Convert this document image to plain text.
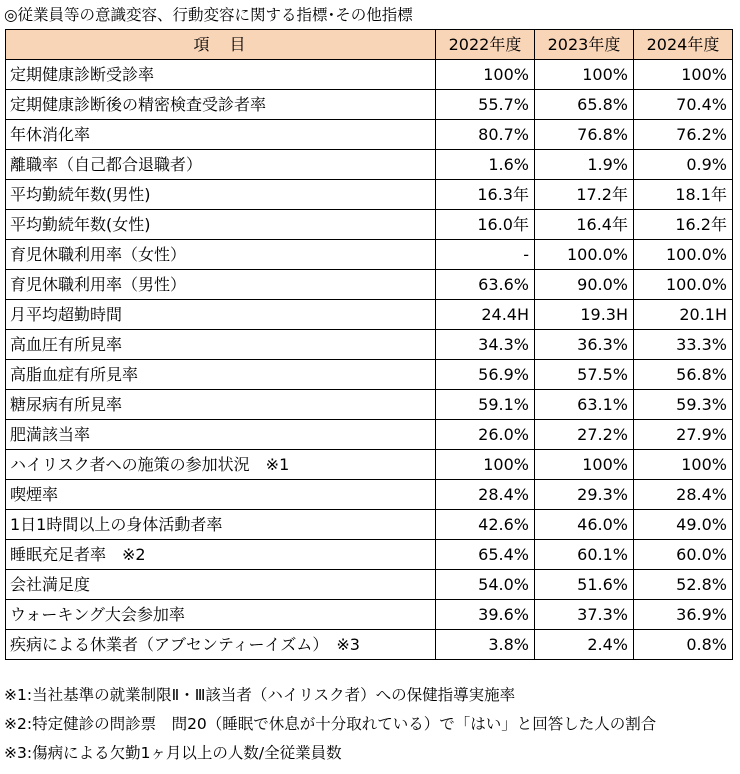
◎従業員等の意識変容、行動変容に関する指標･その他指標
項　目	2022年度	2023年度	2024年度
定期健康診断受診率	100%	100%	100%
定期健康診断後の精密検査受診者率	55.7%	65.8%	70.4%
年休消化率	80.7%	76.8%	76.2%
離職率（自己都合退職者）	1.6%	1.9%	0.9%
平均勤続年数(男性)	16.3年	17.2年	18.1年
平均勤続年数(女性)	16.0年	16.4年	16.2年
育児休職利用率（女性）	-	100.0%	100.0%
育児休職利用率（男性）	63.6%	90.0%	100.0%
月平均超勤時間	24.4H	19.3H	20.1H
高血圧有所見率	34.3%	36.3%	33.3%
高脂血症有所見率	56.9%	57.5%	56.8%
糖尿病有所見率	59.1%	63.1%	59.3%
肥満該当率	26.0%	27.2%	27.9%
ハイリスク者への施策の参加状況　※1	100%	100%	100%
喫煙率	28.4%	29.3%	28.4%
1日1時間以上の身体活動者率	42.6%	46.0%	49.0%
睡眠充足者率　※2	65.4%	60.1%	60.0%
会社満足度	54.0%	51.6%	52.8%
ウォーキング大会参加率	39.6%	37.3%	36.9%
疾病による休業者（アブセンティーイズム）　※3	3.8%	2.4%	0.8%
※1:当社基準の就業制限Ⅱ・Ⅲ該当者（ハイリスク者）への保健指導実施率
※2:特定健診の問診票　問20（睡眠で休息が十分取れている）で「はい」と回答した人の割合
※3:傷病による欠勤1ヶ月以上の人数/全従業員数
